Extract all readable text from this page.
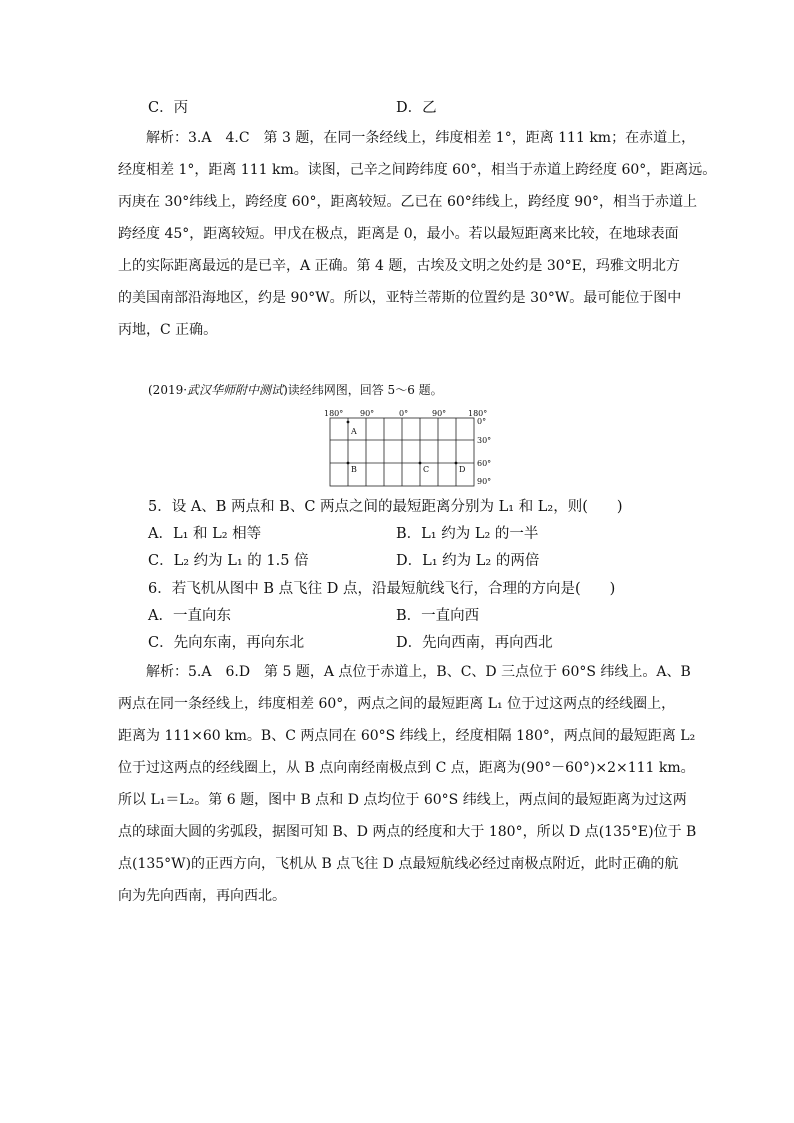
C．丙	D．乙

解析：3.A　4.C　第 3 题，在同一条经线上，纬度相差 1°，距离 111 km；在赤道上，

经度相差 1°，距离 111 km。读图，己辛之间跨纬度 60°，相当于赤道上跨经度 60°，距离远。

丙庚在 30°纬线上，跨经度 60°，距离较短。乙已在 60°纬线上，跨经度 90°，相当于赤道上

跨经度 45°，距离较短。甲戊在极点，距离是 0，最小。若以最短距离来比较，在地球表面

上的实际距离最远的是已辛，A 正确。第 4 题，古埃及文明之处约是 30°E，玛雅文明北方

的美国南部沿海地区，约是 90°W。所以，亚特兰蒂斯的位置约是 30°W。最可能位于图中

丙地，C 正确。

(2019·武汉华师附中测试)读经纬网图，回答 5～6 题。
180° 90°	0°	90°	180°
0°
30°
60°
90°
A
B	C	D
5．设 A、B 两点和 B、C 两点之间的最短距离分别为 L₁ 和 L₂，则(　　)
A．L₁ 和 L₂ 相等	B．L₁ 约为 L₂ 的一半
C．L₂ 约为 L₁ 的 1.5 倍	D．L₁ 约为 L₂ 的两倍
6．若飞机从图中 B 点飞往 D 点，沿最短航线飞行，合理的方向是(　　)
A．一直向东	B．一直向西
C．先向东南，再向东北	D．先向西南，再向西北

解析：5.A　6.D　第 5 题，A 点位于赤道上，B、C、D 三点位于 60°S 纬线上。A、B

两点在同一条经线上，纬度相差 60°，两点之间的最短距离 L₁ 位于过这两点的经线圈上，

距离为 111×60 km。B、C 两点同在 60°S 纬线上，经度相隔 180°，两点间的最短距离 L₂

位于过这两点的经线圈上，从 B 点向南经南极点到 C 点，距离为(90°－60°)×2×111 km。

所以 L₁＝L₂。第 6 题，图中 B 点和 D 点均位于 60°S 纬线上，两点间的最短距离为过这两

点的球面大圆的劣弧段，据图可知 B、D 两点的经度和大于 180°，所以 D 点(135°E)位于 B

点(135°W)的正西方向，飞机从 B 点飞往 D 点最短航线必经过南极点附近，此时正确的航

向为先向西南，再向西北。
